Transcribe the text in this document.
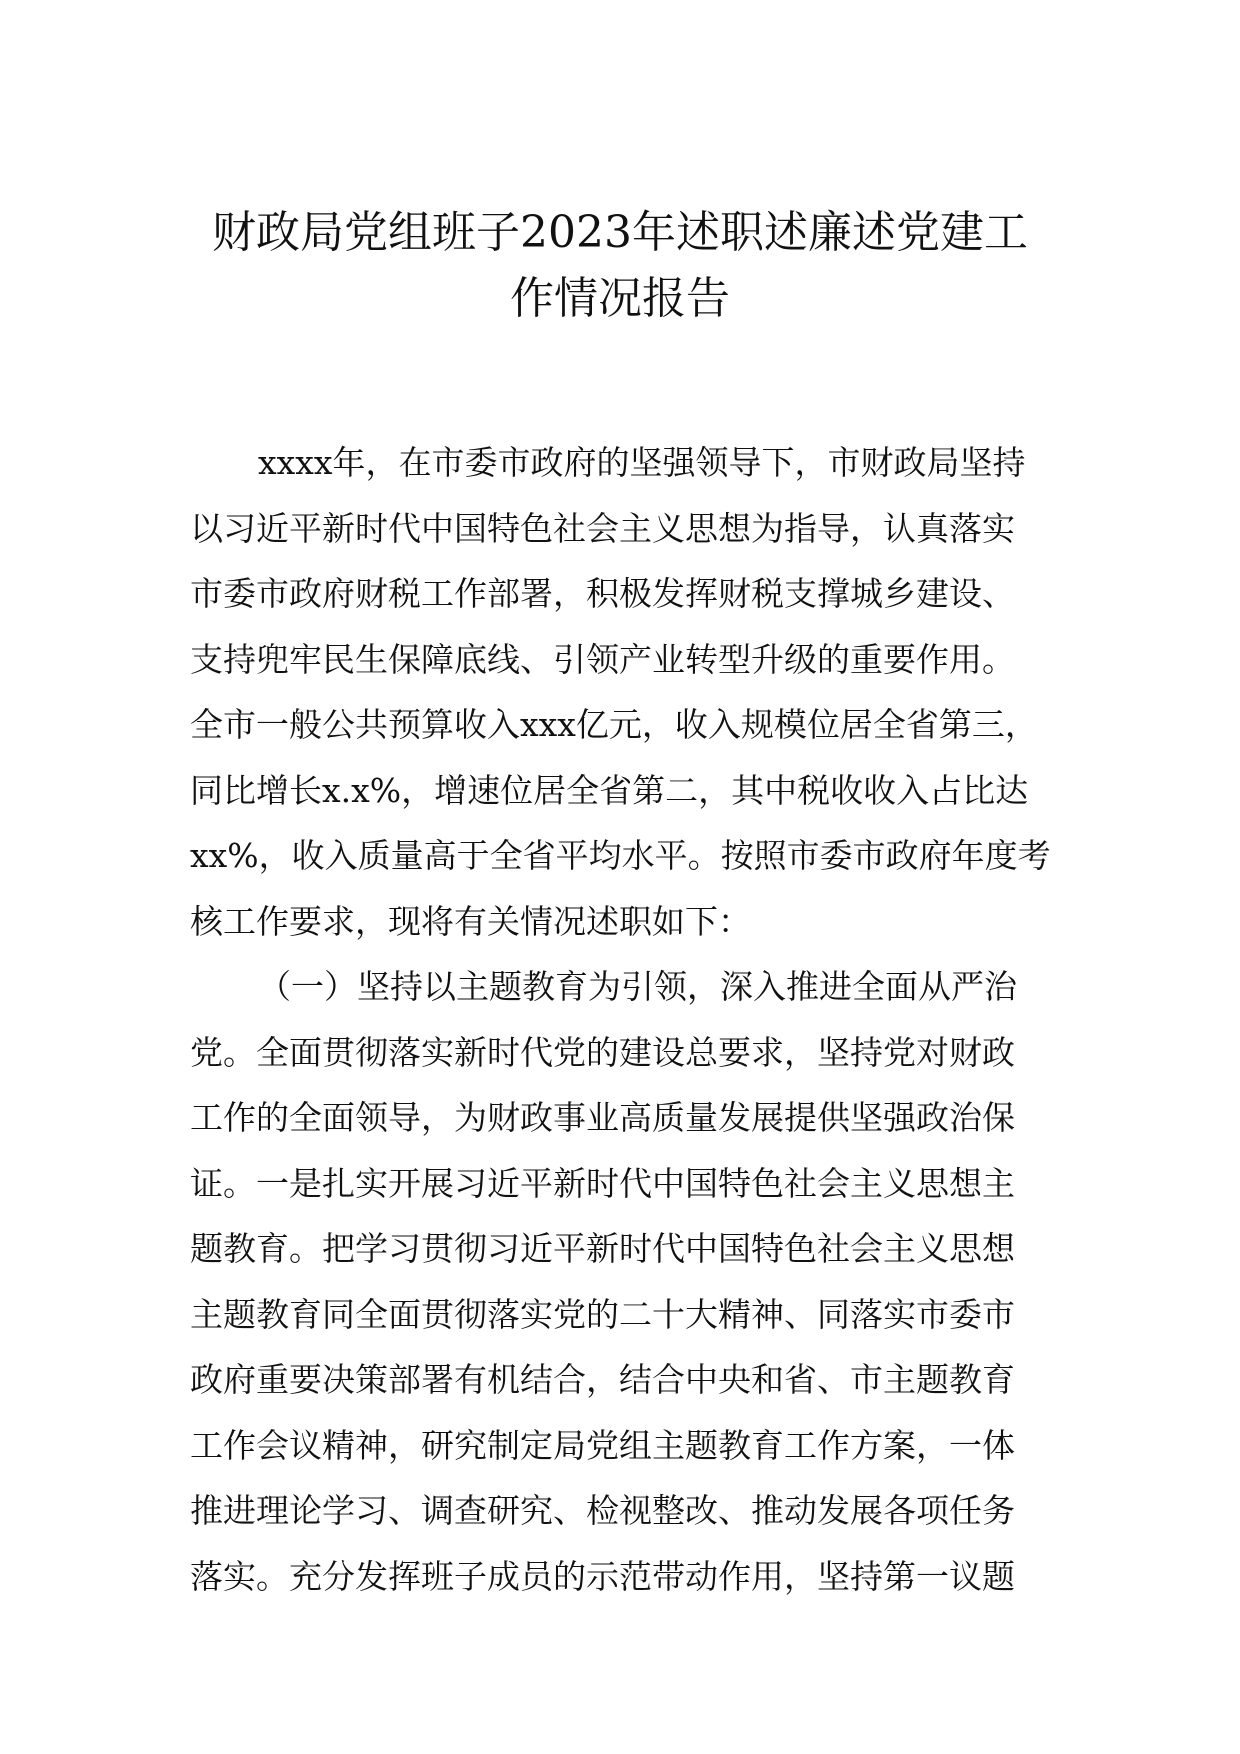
财政局党组班子2023年述职述廉述党建工
作情况报告
xxxx年，在市委市政府的坚强领导下，市财政局坚持
以习近平新时代中国特色社会主义思想为指导，认真落实
市委市政府财税工作部署，积极发挥财税支撑城乡建设、
支持兜牢民生保障底线、引领产业转型升级的重要作用。
全市一般公共预算收入xxx亿元，收入规模位居全省第三，
同比增长x.x%，增速位居全省第二，其中税收收入占比达
xx%，收入质量高于全省平均水平。按照市委市政府年度考
核工作要求，现将有关情况述职如下：
（一）坚持以主题教育为引领，深入推进全面从严治
党。全面贯彻落实新时代党的建设总要求，坚持党对财政
工作的全面领导，为财政事业高质量发展提供坚强政治保
证。一是扎实开展习近平新时代中国特色社会主义思想主
题教育。把学习贯彻习近平新时代中国特色社会主义思想
主题教育同全面贯彻落实党的二十大精神、同落实市委市
政府重要决策部署有机结合，结合中央和省、市主题教育
工作会议精神，研究制定局党组主题教育工作方案，一体
推进理论学习、调查研究、检视整改、推动发展各项任务
落实。充分发挥班子成员的示范带动作用，坚持第一议题
